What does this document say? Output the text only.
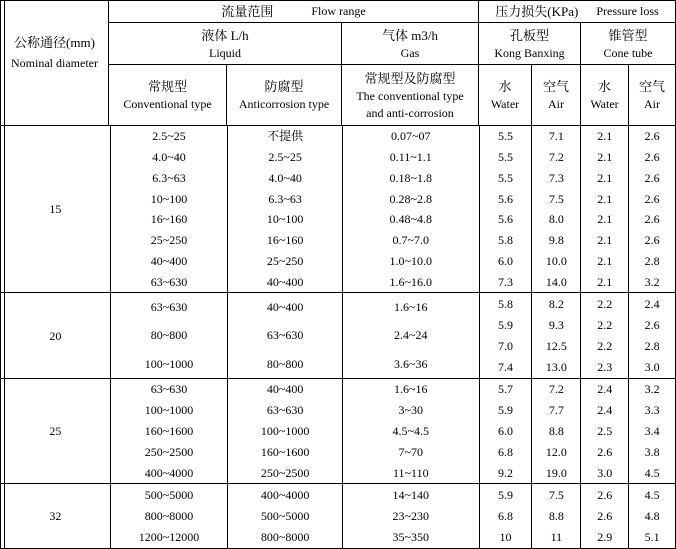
公称通径(mm)
Nominal diameter
流量范围	Flow range	压力损失(KPa) Pressure loss
液体 L/h
Liquid
气体 m3/h
Gas
孔板型
Kong Banxing
锥管型
Cone tube
常规型
Conventional type
防腐型
Anticorrosion type
常规型及防腐型
The conventional type
and anti-corrosion
水
Water
空气
Air
水
Water
空气
Air
15
2.5~25
4.0~40
6.3~63
10~100
16~160
25~250
40~400
63~630
不提供
2.5~25
4.0~40
6.3~63
10~100
16~160
25~250
40~400
0.07~07
0.11~1.1
0.18~1.8
0.28~2.8
0.48~4.8
0.7~7.0
1.0~10.0
1.6~16.0
5.5
5.5
5.5
5.6
5.6
5.8
6.0
7.3
7.1
7.2
7.3
7.5
8.0
9.8
10.0
14.0
2.1
2.1
2.1
2.1
2.1
2.1
2.1
2.1
2.6
2.6
2.6
2.6
2.6
2.6
2.8
3.2
20
63~630
80~800
100~1000
40~400
63~630
80~800
1.6~16
2.4~24
3.6~36
5.8
5.9
7.0
7.4
8.2
9.3
12.5
13.0
2.2
2.2
2.2
2.3
2.4
2.6
2.8
3.0
25
63~630
100~1000
160~1600
250~2500
400~4000
40~400
63~630
100~1000
160~1600
250~2500
1.6~16
3~30
4.5~4.5
7~70
11~110
5.7
5.9
6.0
6.8
9.2
7.2
7.7
8.8
12.0
19.0
2.4
2.4
2.5
2.6
3.0
3.2
3.3
3.4
3.8
4.5
32
500~5000
800~8000
1200~12000
400~4000
500~5000
800~8000
14~140
23~230
35~350
5.9
6.8
10
7.5
8.8
11
2.6
2.6
2.9
4.5
4.8
5.1
